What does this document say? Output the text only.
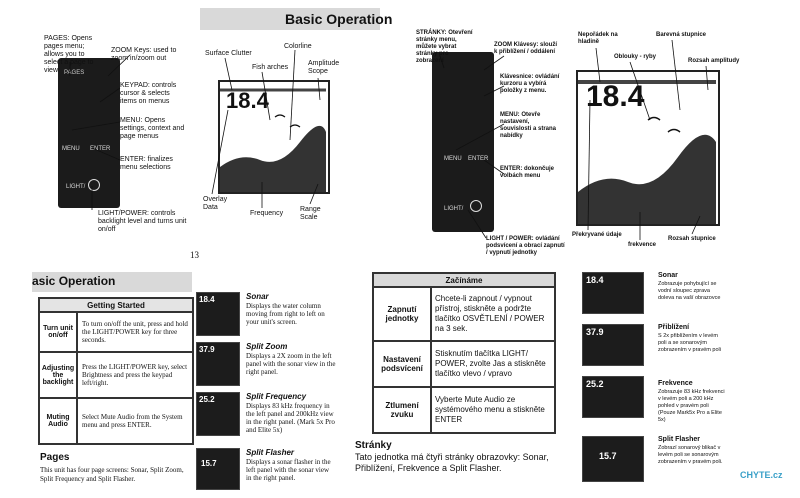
PAGES
MENU ENTER
LIGHT/
PAGES: Opens pages menu; allows you to select a page to view
ZOOM Keys: used to zoom in/zoom out
KEYPAD: controls cursor & selects items on menus
MENU: Opens settings, context and page menus
ENTER: finalizes menu selections
LIGHT/POWER: controls backlight level and turns unit on/off
Basic Operation
18.4
Surface Clutter
Colorline
Fish arches
Amplitude Scope
Overlay Data
Frequency
Range Scale
13
MENU ENTER
LIGHT/
STRÁNKY: Otevření stránky menu, můžete vybrat stránky pro zobrazení
ZOOM Klávesy: slouží k přiblížení / oddálení
Klávesnice: ovládání kurzoru a vybírá položky z menu.
MENU: Otevře nastavení, souvislosti a strana nabídky
ENTER: dokončuje volbách menu
LIGHT / POWER: ovládání podsvícení a obrací zapnutí / vypnutí jednotky
18.4
Nepořádek na hladině
Barevná stupnice
Oblouky - ryby
Rozsah amplitudy
Překryvané údaje
frekvence
Rozsah stupnice
asic Operation
Getting Started
Turn unit on/off
To turn on/off the unit, press and hold the LIGHT/POWER key for three seconds.
Adjusting the backlight
Press the LIGHT/POWER key, select Brightness and press the keypad left/right.
Muting Audio
Select Mute Audio from the System menu and press ENTER.
Pages
This unit has four page screens: Sonar, Split Zoom, Split Frequency and Split Flasher.
18.4	Sonar
Displays the water column moving from right to left on your unit's screen.
37.9	Split Zoom
Displays a 2X zoom in the left panel with the sonar view in the right panel.
25.2	Split Frequency
Displays 83 kHz frequency in the left panel and 200kHz view in the right panel. (Mark 5x Pro and Elite 5x)
15.7
Split Flasher
Displays a sonar flasher in the left panel with the sonar view in the right panel.
Začínáme
Zapnutí jednotky
Chcete-li zapnout / vypnout přístroj, stiskněte a podržte tlačítko OSVĚTLENÍ / POWER na 3 sek.
Nastavení podsvícení
Stisknutím tlačítka LIGHT/ POWER, zvolte Jas a stiskněte tlačítko vlevo / vpravo
Ztlumení zvuku
Vyberte Mute Audio ze systémového menu a stiskněte ENTER
Stránky
Tato jednotka má čtyři stránky obrazovky: Sonar, Přiblížení, Frekvence a Split Flasher.
18.4	Sonar
Zobrazuje pohybující se vodní sloupec zprava doleva na vaší obrazovce
37.9	Přiblížení
S 2x přiblížením v levém poli a se sonarovým zobrazením v pravém poli
25.2	Frekvence
Zobrazuje 83 kHz frekvenci v levém poli a 200 kHz pohled v pravém poli (Pouze Mark5x Pro a Elite 5x)
15.7
Split Flasher
Zobrazí sonarový blikač v levém poli se sonarovým zobrazením v pravém poli.
CHYTE.cz
